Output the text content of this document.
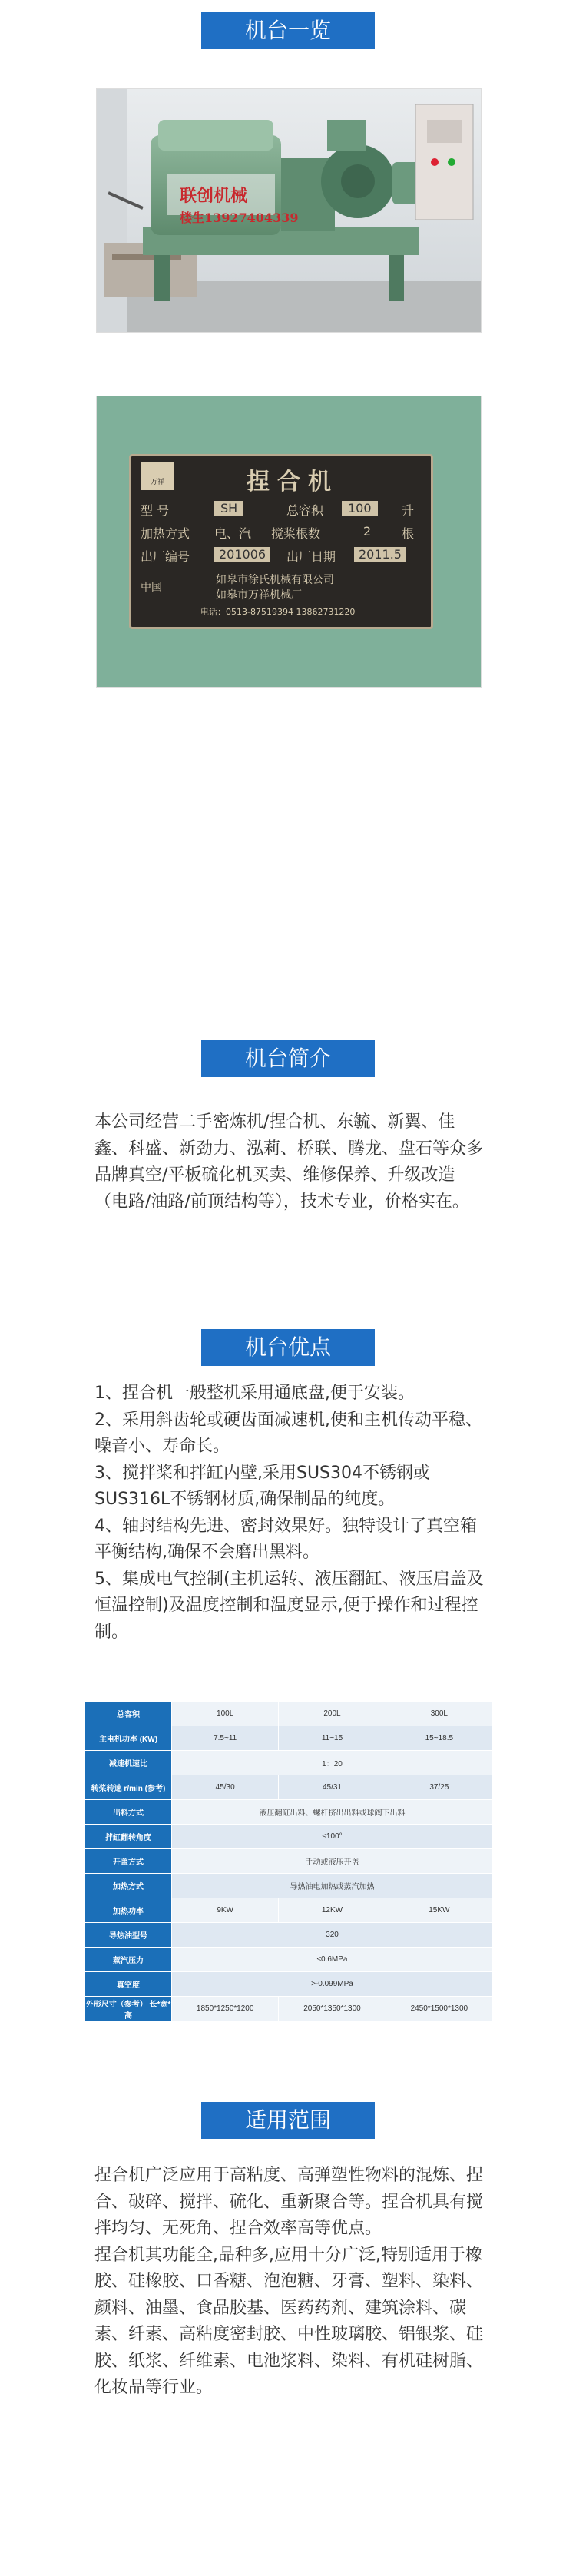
机台一览
联创机械
楼生13927404339
万祥	捏合机
型 号	SH	总容积	100	升
加热方式 电、汽 搅桨根数	2 根
出厂编号	201006	出厂日期	2011.5
中国
如皋市徐氏机械有限公司
如皋市万祥机械厂
电话：0513-87519394 13862731220
机台简介

本公司经营二手密炼机/捏合机、东毓、新翼、佳鑫、科盛、新劲力、泓莉、桥联、腾龙、盘石等众多品牌真空/平板硫化机买卖、维修保养、升级改造（电路/油路/前顶结构等），技术专业，价格实在。

机台优点

1、捏合机一般整机采用通底盘,便于安装。

2、采用斜齿轮或硬齿面减速机,使和主机传动平稳、噪音小、寿命长。

3、搅拌桨和拌缸内壁,采用SUS304不锈钢或SUS316L不锈钢材质,确保制品的纯度。

4、轴封结构先进、密封效果好。独特设计了真空箱平衡结构,确保不会磨出黑料。

5、集成电气控制(主机运转、液压翻缸、液压启盖及恒温控制)及温度控制和温度显示,便于操作和过程控制。

总容积	100L	200L	300L
主电机功率 (KW)	7.5~11	11~15	15~18.5
减速机速比	1：20		
转桨转速 r/min (参考)	45/30	45/31	37/25
出料方式	液压翻缸出料、螺杆挤出出料或球阀下出料		
拌缸翻转角度	≤100°		
开盖方式	手动或液压开盖		
加热方式	导热油电加热或蒸汽加热		
加热功率	9KW	12KW	15KW
导热油型号	320		
蒸汽压力	≤0.6MPa		
真空度	>-0.099MPa		
外形尺寸（参考） 长*宽*高	1850*1250*1200	2050*1350*1300	2450*1500*1300
适用范围

捏合机广泛应用于高粘度、高弹塑性物料的混炼、捏合、破碎、搅拌、硫化、重新聚合等。捏合机具有搅拌均匀、无死角、捏合效率高等优点。

捏合机其功能全,品种多,应用十分广泛,特别适用于橡胶、硅橡胶、口香糖、泡泡糖、牙膏、塑料、染料、颜料、油墨、食品胶基、医药药剂、建筑涂料、碳素、纤素、高粘度密封胶、中性玻璃胶、铝银浆、硅胶、纸浆、纤维素、电池浆料、染料、有机硅树脂、化妆品等行业。
